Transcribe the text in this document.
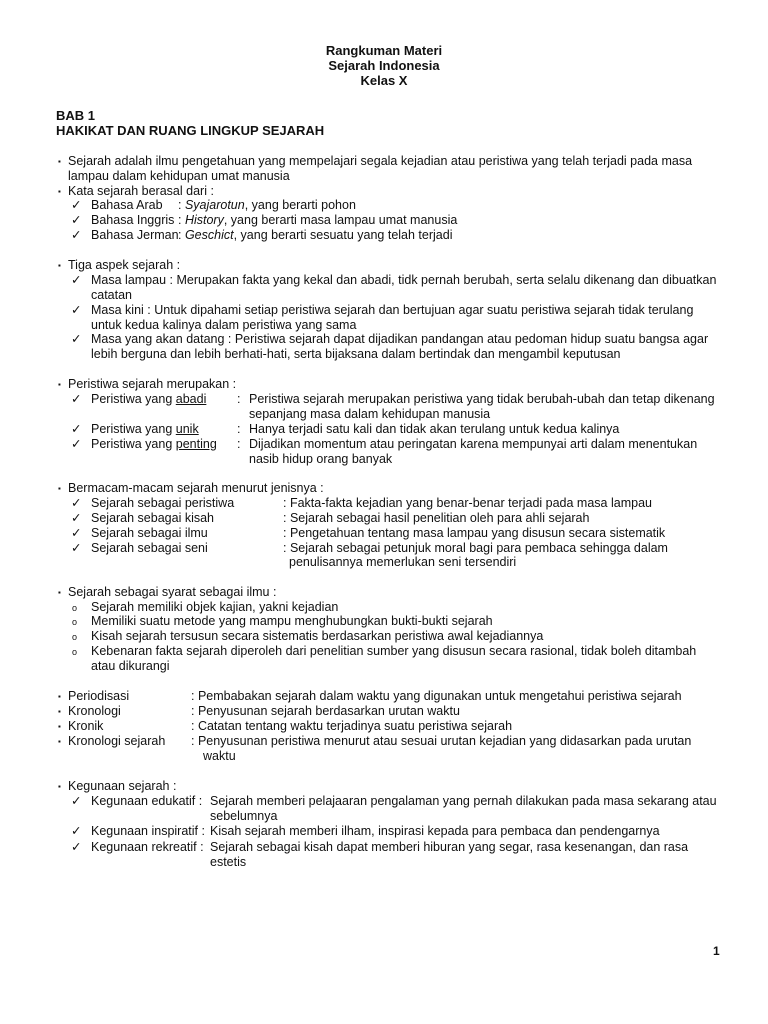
Rangkuman Materi
Sejarah Indonesia
Kelas X
BAB 1
HAKIKAT DAN RUANG LINGKUP SEJARAH
▪ Sejarah adalah ilmu pengetahuan yang mempelajari segala kejadian atau peristiwa yang telah terjadi pada masa
lampau dalam kehidupan umat manusia
▪ Kata sejarah berasal dari :
✓ Bahasa Arab : Syajarotun, yang berarti pohon
✓ Bahasa Inggris : History, yang berarti masa lampau umat manusia
✓ Bahasa Jerman : Geschict, yang berarti sesuatu yang telah terjadi
▪ Tiga aspek sejarah :
✓ Masa lampau : Merupakan fakta yang kekal dan abadi, tidk pernah berubah, serta selalu dikenang dan dibuatkan
catatan
✓ Masa kini : Untuk dipahami setiap peristiwa sejarah dan bertujuan agar suatu peristiwa sejarah tidak terulang
untuk kedua kalinya dalam peristiwa yang sama
✓ Masa yang akan datang : Peristiwa sejarah dapat dijadikan pandangan atau pedoman hidup suatu bangsa agar
lebih berguna dan lebih berhati-hati, serta bijaksana dalam bertindak dan mengambil keputusan
▪ Peristiwa sejarah merupakan :
✓ Peristiwa yang abadi : Peristiwa sejarah merupakan peristiwa yang tidak berubah-ubah dan tetap dikenang
sepanjang masa dalam kehidupan manusia
✓ Peristiwa yang unik	: Hanya terjadi satu kali dan tidak akan terulang untuk kedua kalinya
✓ Peristiwa yang penting : Dijadikan momentum atau peringatan karena mempunyai arti dalam menentukan
nasib hidup orang banyak
▪ Bermacam-macam sejarah menurut jenisnya :
✓ Sejarah sebagai peristiwa	: Fakta-fakta kejadian yang benar-benar terjadi pada masa lampau
✓ Sejarah sebagai kisah	: Sejarah sebagai hasil penelitian oleh para ahli sejarah
✓ Sejarah sebagai ilmu	: Pengetahuan tentang masa lampau yang disusun secara sistematik
✓ Sejarah sebagai seni	: Sejarah sebagai petunjuk moral bagi para pembaca sehingga dalam
penulisannya memerlukan seni tersendiri
▪ Sejarah sebagai syarat sebagai ilmu :
o Sejarah memiliki objek kajian, yakni kejadian
o Memiliki suatu metode yang mampu menghubungkan bukti-bukti sejarah
o Kisah sejarah tersusun secara sistematis berdasarkan peristiwa awal kejadiannya
o Kebenaran fakta sejarah diperoleh dari penelitian sumber yang disusun secara rasional, tidak boleh ditambah
atau dikurangi
▪ Periodisasi	: Pembabakan sejarah dalam waktu yang digunakan untuk mengetahui peristiwa sejarah
▪ Kronologi	: Penyusunan sejarah berdasarkan urutan waktu
▪ Kronik	: Catatan tentang waktu terjadinya suatu peristiwa sejarah
▪ Kronologi sejarah : Penyusunan peristiwa menurut atau sesuai urutan kejadian yang didasarkan pada urutan
waktu
▪ Kegunaan sejarah :
✓ Kegunaan edukatif : Sejarah memberi pelajaaran pengalaman yang pernah dilakukan pada masa sekarang atau
sebelumnya
✓ Kegunaan inspiratif : Kisah sejarah memberi ilham, inspirasi kepada para pembaca dan pendengarnya
✓ Kegunaan rekreatif : Sejarah sebagai kisah dapat memberi hiburan yang segar, rasa kesenangan, dan rasa
estetis
1
